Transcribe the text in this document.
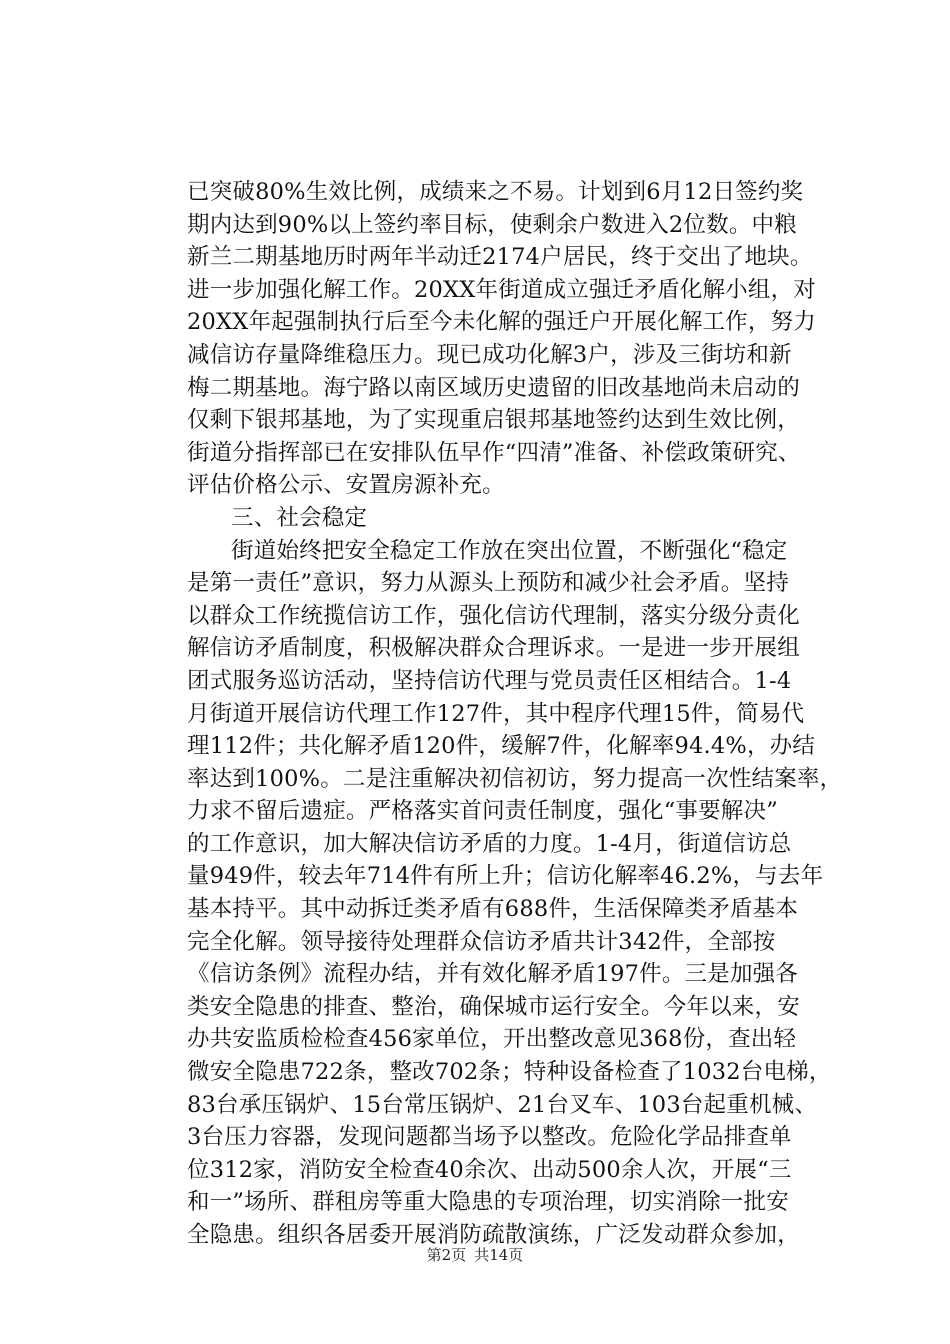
已突破80%生效比例，成绩来之不易。计划到6月12日签约奖
期内达到90%以上签约率目标，使剩余户数进入2位数。中粮
新兰二期基地历时两年半动迁2174户居民，终于交出了地块。
进一步加强化解工作。20XX年街道成立强迁矛盾化解小组，对
20XX年起强制执行后至今未化解的强迁户开展化解工作，努力
减信访存量降维稳压力。现已成功化解3户，涉及三街坊和新
梅二期基地。海宁路以南区域历史遗留的旧改基地尚未启动的
仅剩下银邦基地，为了实现重启银邦基地签约达到生效比例，
街道分指挥部已在安排队伍早作“四清”准备、补偿政策研究、
评估价格公示、安置房源补充。
三、社会稳定
街道始终把安全稳定工作放在突出位置，不断强化“稳定
是第一责任”意识，努力从源头上预防和减少社会矛盾。坚持
以群众工作统揽信访工作，强化信访代理制，落实分级分责化
解信访矛盾制度，积极解决群众合理诉求。一是进一步开展组
团式服务巡访活动，坚持信访代理与党员责任区相结合。1-4
月街道开展信访代理工作127件，其中程序代理15件，简易代
理112件；共化解矛盾120件，缓解7件，化解率94.4%，办结
率达到100%。二是注重解决初信初访，努力提高一次性结案率，
力求不留后遗症。严格落实首问责任制度，强化“事要解决”
的工作意识，加大解决信访矛盾的力度。1-4月，街道信访总
量949件，较去年714件有所上升；信访化解率46.2%，与去年
基本持平。其中动拆迁类矛盾有688件，生活保障类矛盾基本
完全化解。领导接待处理群众信访矛盾共计342件，全部按
《信访条例》流程办结，并有效化解矛盾197件。三是加强各
类安全隐患的排查、整治，确保城市运行安全。今年以来，安
办共安监质检检查456家单位，开出整改意见368份，查出轻
微安全隐患722条，整改702条；特种设备检查了1032台电梯，
83台承压锅炉、15台常压锅炉、21台叉车、103台起重机械、
3台压力容器，发现问题都当场予以整改。危险化学品排查单
位312家，消防安全检查40余次、出动500余人次，开展“三
和一”场所、群租房等重大隐患的专项治理，切实消除一批安
全隐患。组织各居委开展消防疏散演练，广泛发动群众参加，
第2页 共14页
